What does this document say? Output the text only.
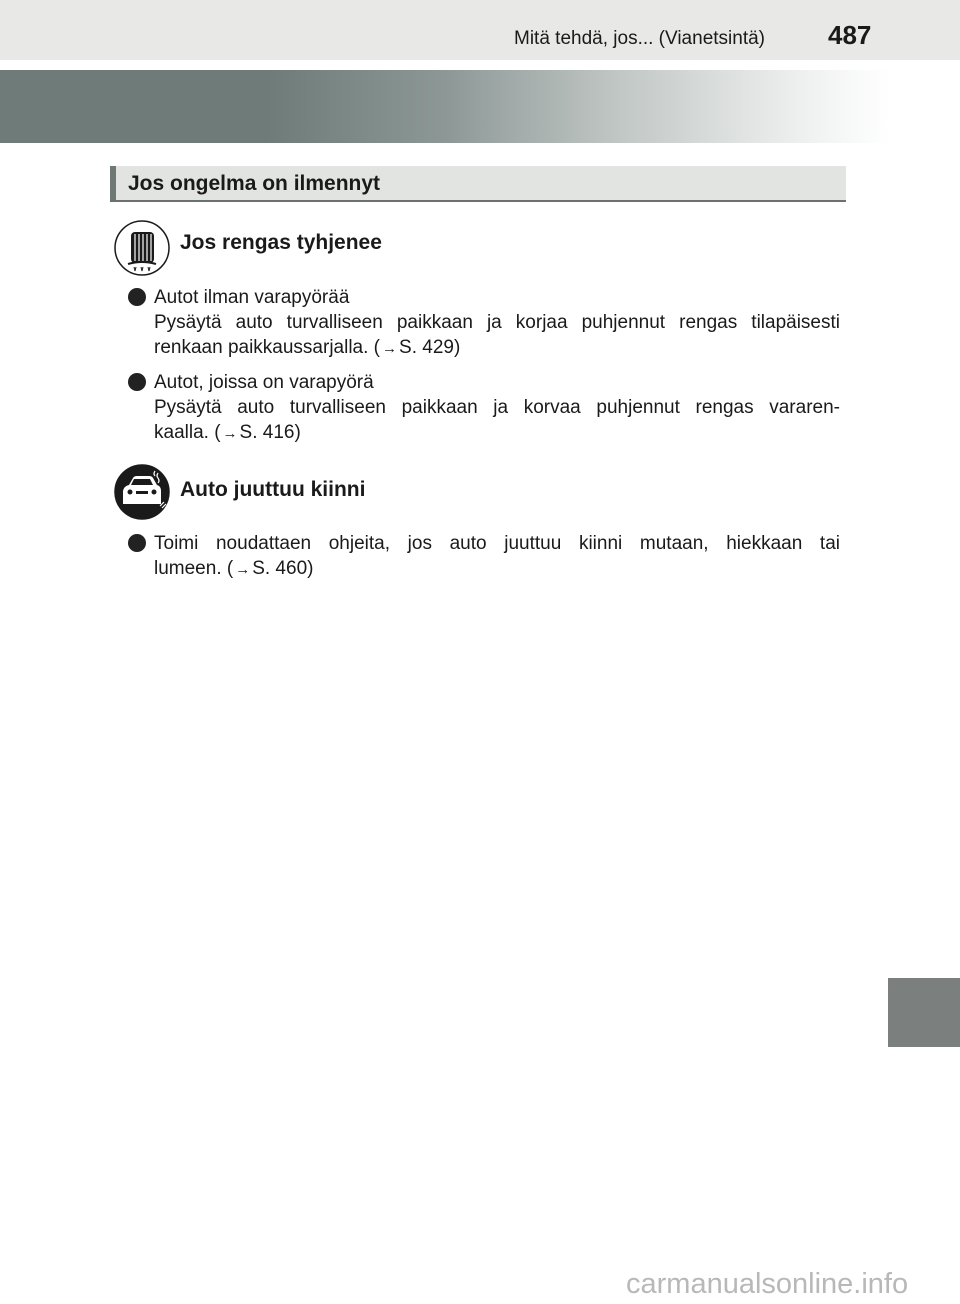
Mitä tehdä, jos... (Vianetsintä) 487
Jos ongelma on ilmennyt
Jos rengas tyhjenee
Autot ilman varapyörää
Pysäytä auto turvalliseen paikkaan ja korjaa puhjennut rengas tilapäisesti
renkaan paikkaussarjalla. ( → S. 429)
Autot, joissa on varapyörä
Pysäytä auto turvalliseen paikkaan ja korvaa puhjennut rengas vararen-
kaalla. ( → S. 416)
Auto juuttuu kiinni
Toimi noudattaen ohjeita, jos auto juuttuu kiinni mutaan, hiekkaan tai
lumeen. ( → S. 460)
carmanualsonline.info
